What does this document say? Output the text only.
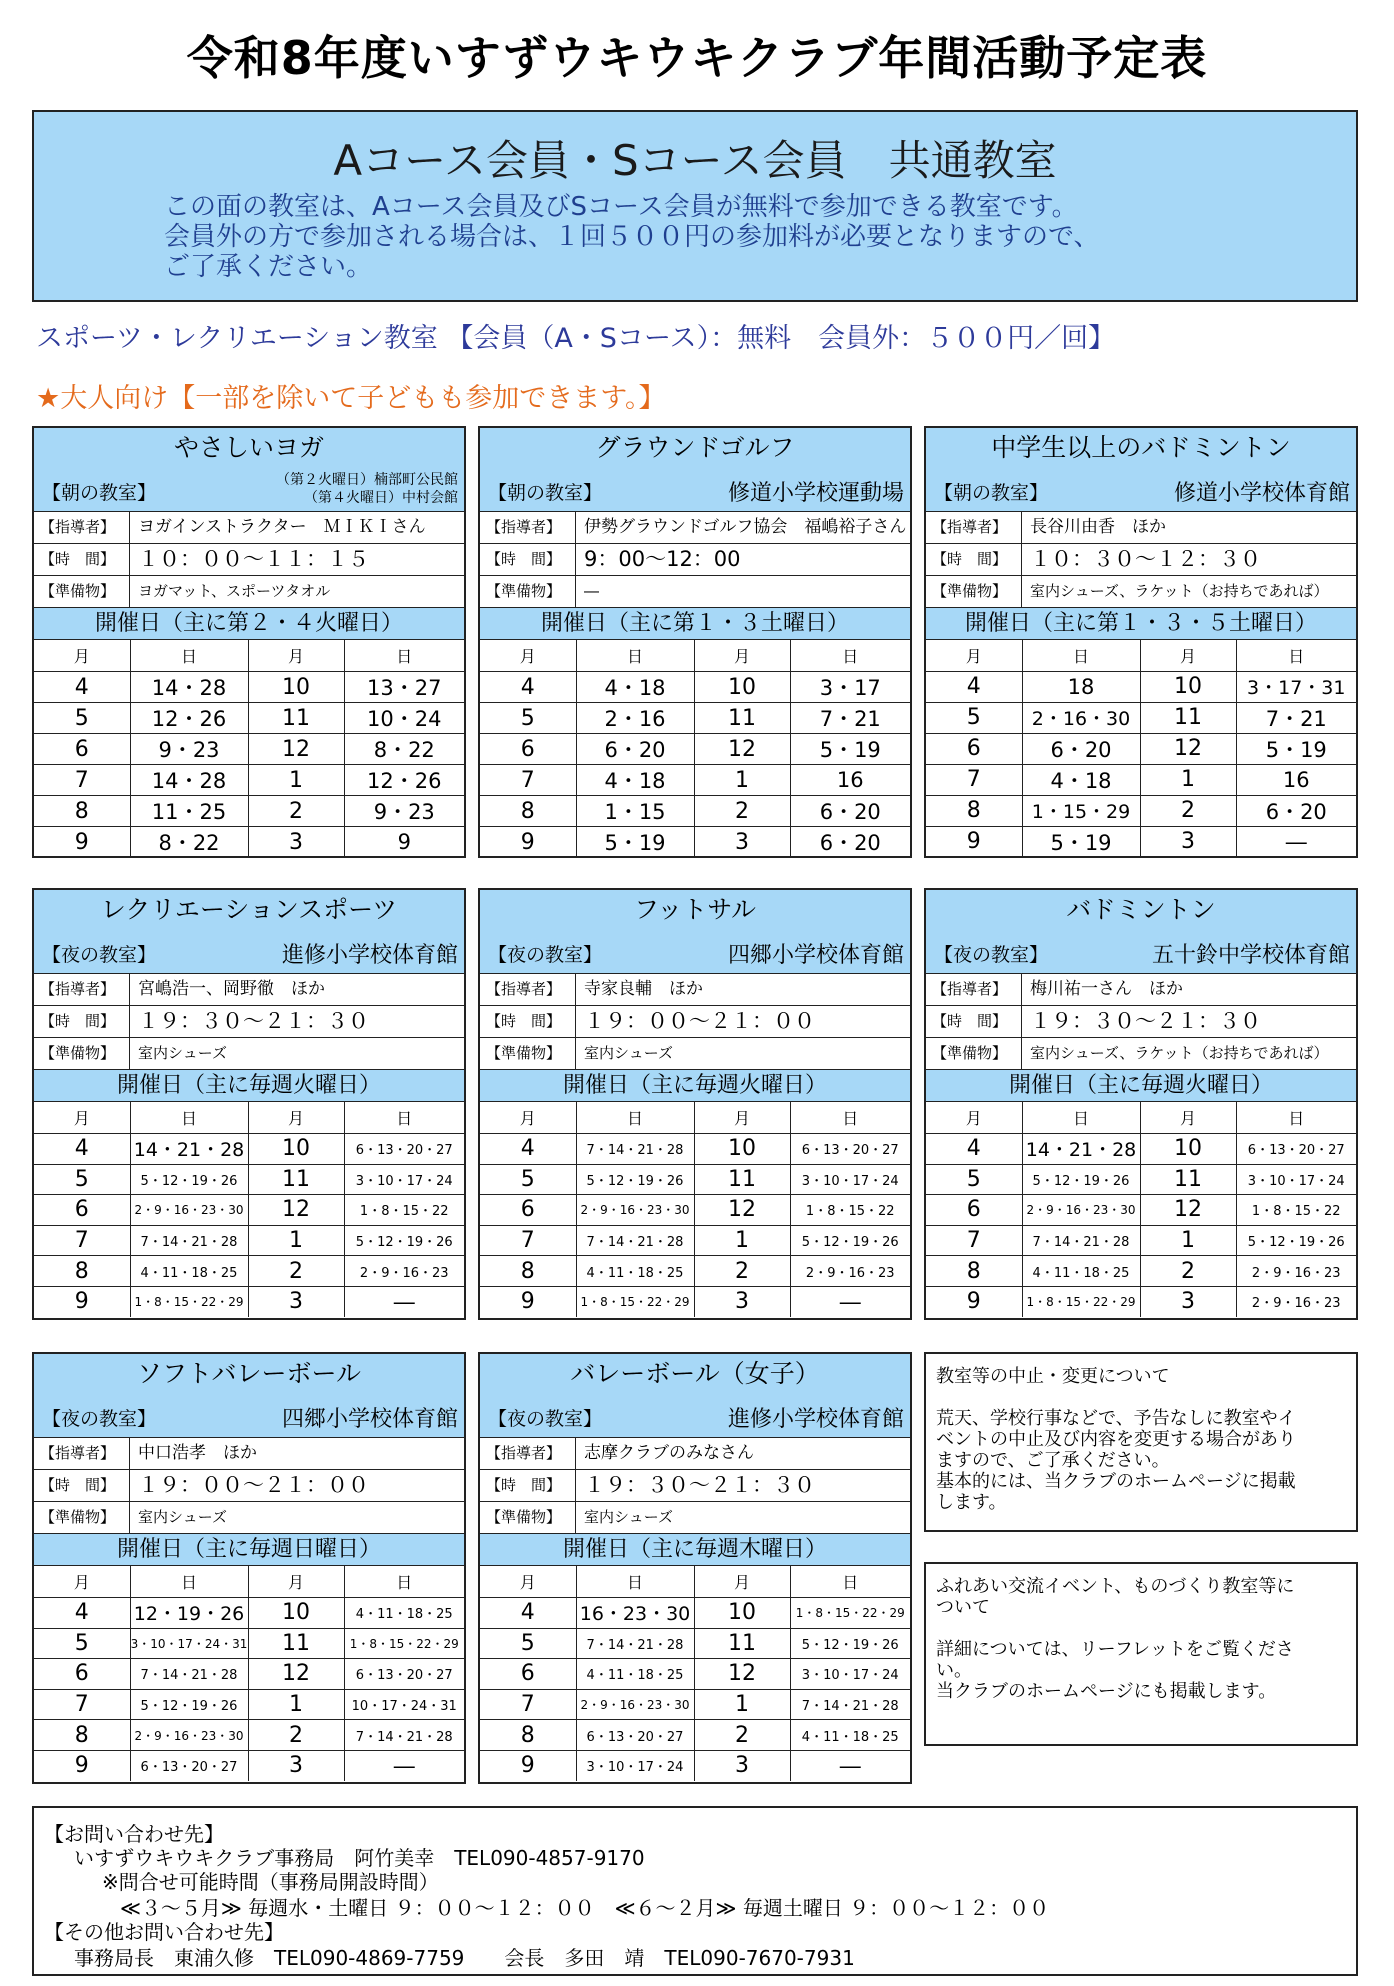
令和8年度いすずウキウキクラブ年間活動予定表
Aコース会員・Sコース会員　共通教室
この面の教室は、Aコース会員及びSコース会員が無料で参加できる教室です。
会員外の方で参加される場合は、１回５００円の参加料が必要となりますので、
ご了承ください。
スポーツ・レクリエーション教室 【会員（A・Sコース）：無料　会員外：５００円／回】
★大人向け【一部を除いて子どもも参加できます。】
やさしいヨガ
【朝の教室】
（第２火曜日）楠部町公民館
（第４火曜日）中村会館
【指導者】	ヨガインストラクター　ＭＩＫＩさん
【時　間】	１０：００～１１：１５
【準備物】	ヨガマット、スポーツタオル
開催日（主に第２・４火曜日）
月	日	月	日
4	14・28	10	13・27
5	12・26	11	10・24
6	9・23	12	8・22
7	14・28	1	12・26
8	11・25	2	9・23
9	8・22	3	9
グラウンドゴルフ
【朝の教室】	修道小学校運動場
【指導者】	伊勢グラウンドゴルフ協会　福嶋裕子さん
【時　間】	9：00～12：00
【準備物】	―
開催日（主に第１・３土曜日）
月	日	月	日
4	4・18	10	3・17
5	2・16	11	7・21
6	6・20	12	5・19
7	4・18	1	16
8	1・15	2	6・20
9	5・19	3	6・20
中学生以上のバドミントン
【朝の教室】	修道小学校体育館
【指導者】	長谷川由香　ほか
【時　間】	１０：３０～１２：３０
【準備物】	室内シューズ、ラケット（お持ちであれば）
開催日（主に第１・３・５土曜日）
月	日	月	日
4	18	10	3・17・31
5	2・16・30	11	7・21
6	6・20	12	5・19
7	4・18	1	16
8	1・15・29	2	6・20
9	5・19	3	―
レクリエーションスポーツ
【夜の教室】	進修小学校体育館
【指導者】	宮嶋浩一、岡野徹　ほか
【時　間】	１９：３０～２１：３０
【準備物】	室内シューズ
開催日（主に毎週火曜日）
月	日	月	日
4	14・21・28	10	6・13・20・27
5	5・12・19・26	11	3・10・17・24
6	2・9・16・23・30	12	1・8・15・22
7	7・14・21・28	1	5・12・19・26
8	4・11・18・25	2	2・9・16・23
9	1・8・15・22・29	3	―
フットサル
【夜の教室】	四郷小学校体育館
【指導者】	寺家良輔　ほか
【時　間】	１９：００～２１：００
【準備物】	室内シューズ
開催日（主に毎週火曜日）
月	日	月	日
4	7・14・21・28	10	6・13・20・27
5	5・12・19・26	11	3・10・17・24
6	2・9・16・23・30	12	1・8・15・22
7	7・14・21・28	1	5・12・19・26
8	4・11・18・25	2	2・9・16・23
9	1・8・15・22・29	3	―
バドミントン
【夜の教室】	五十鈴中学校体育館
【指導者】	梅川祐一さん　ほか
【時　間】	１９：３０～２１：３０
【準備物】	室内シューズ、ラケット（お持ちであれば）
開催日（主に毎週火曜日）
月	日	月	日
4	14・21・28	10	6・13・20・27
5	5・12・19・26	11	3・10・17・24
6	2・9・16・23・30	12	1・8・15・22
7	7・14・21・28	1	5・12・19・26
8	4・11・18・25	2	2・9・16・23
9	1・8・15・22・29	3	2・9・16・23
ソフトバレーボール
【夜の教室】	四郷小学校体育館
【指導者】	中口浩孝　ほか
【時　間】	１９：００～２１：００
【準備物】	室内シューズ
開催日（主に毎週日曜日）
月	日	月	日
4	12・19・26	10	4・11・18・25
5	3・10・17・24・31	11	1・8・15・22・29
6	7・14・21・28	12	6・13・20・27
7	5・12・19・26	1	10・17・24・31
8	2・9・16・23・30	2	7・14・21・28
9	6・13・20・27	3	―
バレーボール（女子）
【夜の教室】	進修小学校体育館
【指導者】	志摩クラブのみなさん
【時　間】	１９：３０～２１：３０
【準備物】	室内シューズ
開催日（主に毎週木曜日）
月	日	月	日
4	16・23・30	10	1・8・15・22・29
5	7・14・21・28	11	5・12・19・26
6	4・11・18・25	12	3・10・17・24
7	2・9・16・23・30	1	7・14・21・28
8	6・13・20・27	2	4・11・18・25
9	3・10・17・24	3	―
教室等の中止・変更について
荒天、学校行事などで、予告なしに教室やイ
ベントの中止及び内容を変更する場合があり
ますので、ご了承ください。
基本的には、当クラブのホームページに掲載
します。
ふれあい交流イベント、ものづくり教室等に
ついて
詳細については、リーフレットをご覧くださ
い。
当クラブのホームページにも掲載します。
【お問い合わせ先】
いすずウキウキクラブ事務局　阿竹美幸　TEL090-4857-9170
※問合せ可能時間（事務局開設時間）
≪３～５月≫ 毎週水・土曜日 ９：００～１２：００　≪６～２月≫ 毎週土曜日 ９：００～１２：００
【その他お問い合わせ先】
事務局長　東浦久修　TEL090-4869-7759　　会長　多田　靖　TEL090-7670-7931
